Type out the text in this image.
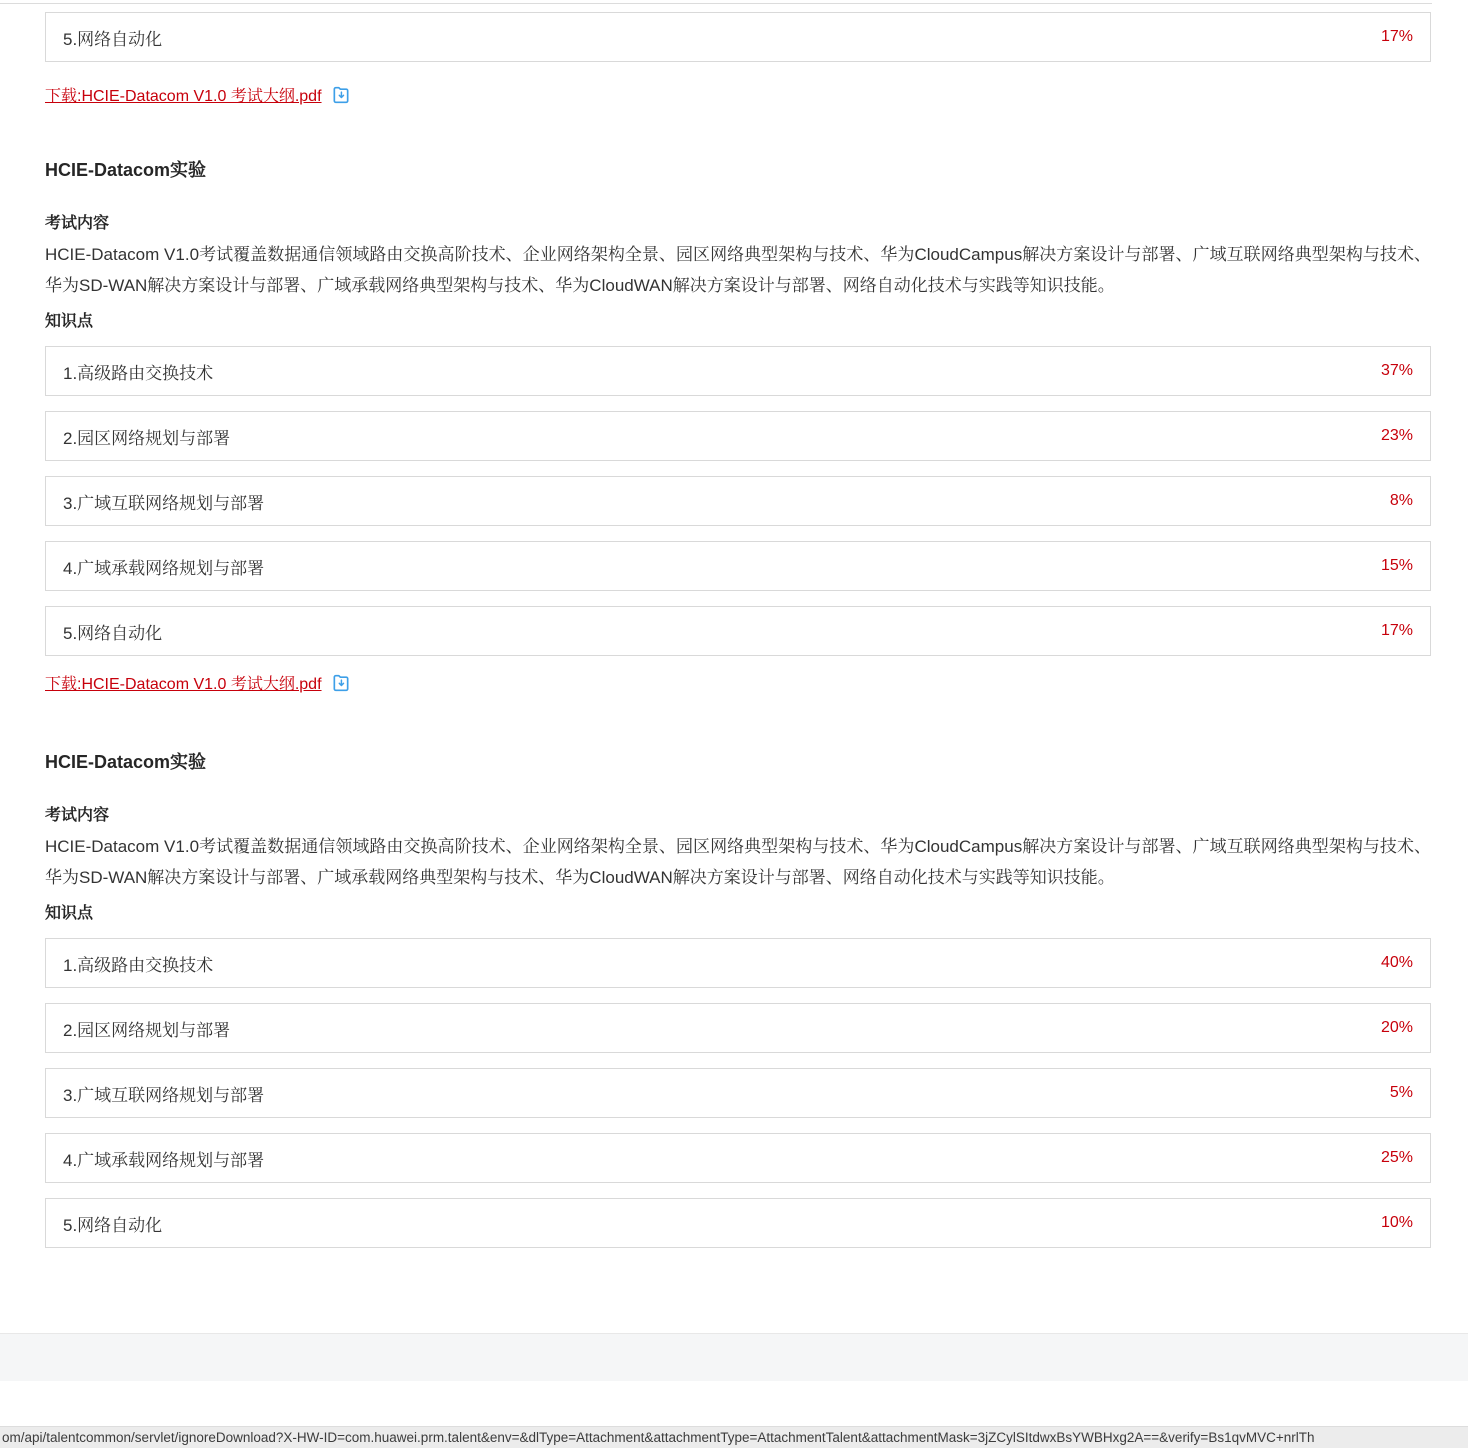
5.网络自动化	17%
下载:HCIE-Datacom V1.0 考试大纲.pdf
HCIE-Datacom实验
考试内容

HCIE-Datacom V1.0考试覆盖数据通信领域路由交换高阶技术、企业网络架构全景、园区网络典型架构与技术、华为CloudCampus解决方案设计与部署、广域互联网络典型架构与技术、华为SD-WAN解决方案设计与部署、广域承载网络典型架构与技术、华为CloudWAN解决方案设计与部署、网络自动化技术与实践等知识技能。

知识点
1.高级路由交换技术	37%
2.园区网络规划与部署	23%
3.广域互联网络规划与部署	8%
4.广域承载网络规划与部署	15%
5.网络自动化	17%
下载:HCIE-Datacom V1.0 考试大纲.pdf
HCIE-Datacom实验
考试内容

HCIE-Datacom V1.0考试覆盖数据通信领域路由交换高阶技术、企业网络架构全景、园区网络典型架构与技术、华为CloudCampus解决方案设计与部署、广域互联网络典型架构与技术、华为SD-WAN解决方案设计与部署、广域承载网络典型架构与技术、华为CloudWAN解决方案设计与部署、网络自动化技术与实践等知识技能。

知识点
1.高级路由交换技术	40%
2.园区网络规划与部署	20%
3.广域互联网络规划与部署	5%
4.广域承载网络规划与部署	25%
5.网络自动化	10%
om/api/talentcommon/servlet/ignoreDownload?X-HW-ID=com.huawei.prm.talent&env=&dlType=Attachment&attachmentType=AttachmentTalent&attachmentMask=3jZCylSItdwxBsYWBHxg2A==&verify=Bs1qvMVC+nrlTh
